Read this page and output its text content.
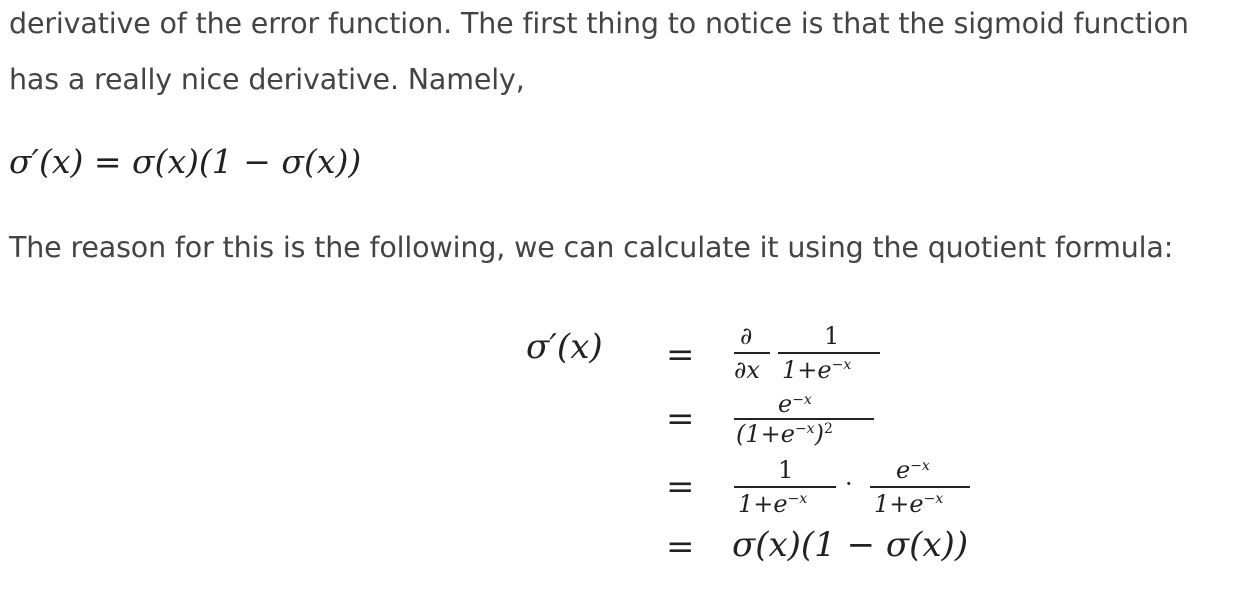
derivative of the error function. The first thing to notice is that the sigmoid function
has a really nice derivative. Namely,

σ′(x) = σ(x)(1 − σ(x))

The reason for this is the following, we can calculate it using the quotient formula:

σ′(x) =
=
=
=
∂
∂x
1
$1+e^{-x}$
$e^{-x}$
$(1+e^{-x})^2$
1
$1+e^{-x}$
· $e^{-x}$
$1+e^{-x}$
σ(x)(1 − σ(x))
